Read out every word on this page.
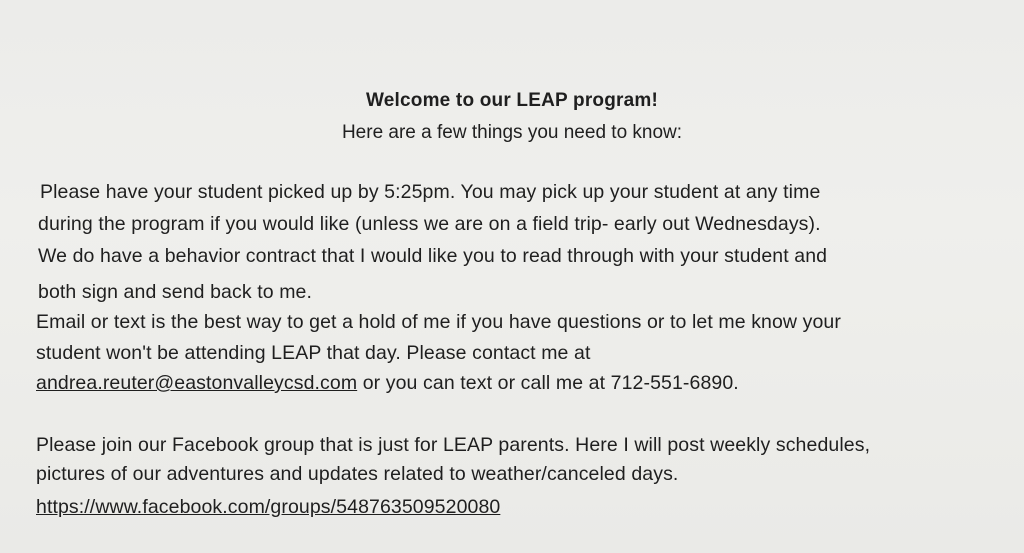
Welcome to our LEAP program!
Here are a few things you need to know:
Please have your student picked up by 5:25pm. You may pick up your student at any time
during the program if you would like (unless we are on a field trip- early out Wednesdays).
We do have a behavior contract that I would like you to read through with your student and
both sign and send back to me.
Email or text is the best way to get a hold of me if you have questions or to let me know your
student won't be attending LEAP that day. Please contact me at
andrea.reuter@eastonvalleycsd.com or you can text or call me at 712-551-6890.
Please join our Facebook group that is just for LEAP parents. Here I will post weekly schedules,
pictures of our adventures and updates related to weather/canceled days.
https://www.facebook.com/groups/548763509520080
